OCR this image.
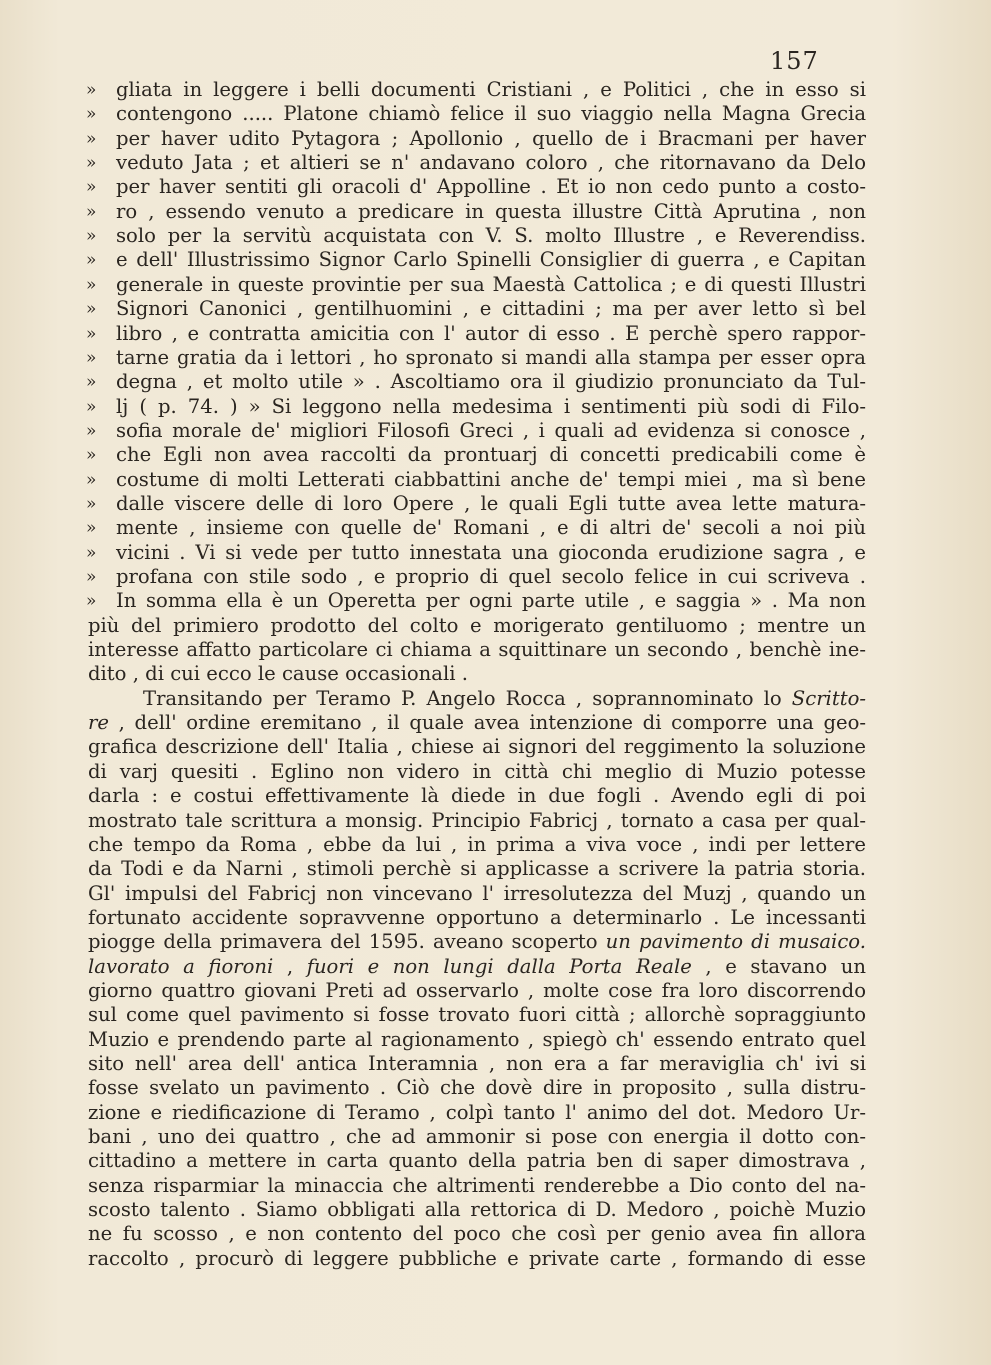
157
»	gliata in leggere i belli documenti Cristiani , e Politici , che in esso si
»	contengono ..... Platone chiamò felice il suo viaggio nella Magna Grecia
»	per haver udito Pytagora ; Apollonio , quello de i Bracmani per haver
»	veduto Jata ; et altieri se n' andavano coloro , che ritornavano da Delo
»	per haver sentiti gli oracoli d' Appolline . Et io non cedo punto a costo-
»	ro , essendo venuto a predicare in questa illustre Città Aprutina , non
»	solo per la servitù acquistata con V. S. molto Illustre , e Reverendiss.
»	e dell' Illustrissimo Signor Carlo Spinelli Consiglier di guerra , e Capitan
»	generale in queste provintie per sua Maestà Cattolica ; e di questi Illustri
»	Signori Canonici , gentilhuomini , e cittadini ; ma per aver letto sì bel
»	libro , e contratta amicitia con l' autor di esso . E perchè spero rappor-
»	tarne gratia da i lettori , ho spronato si mandi alla stampa per esser opra
»	degna , et molto utile » . Ascoltiamo ora il giudizio pronunciato da Tul-
»	lj ( p. 74. ) » Si leggono nella medesima i sentimenti più sodi di Filo-
»	sofia morale de' migliori Filosofi Greci , i quali ad evidenza si conosce ,
»	che Egli non avea raccolti da prontuarj di concetti predicabili come è
»	costume di molti Letterati ciabbattini anche de' tempi miei , ma sì bene
»	dalle viscere delle di loro Opere , le quali Egli tutte avea lette matura-
»	mente , insieme con quelle de' Romani , e di altri de' secoli a noi più
»	vicini . Vi si vede per tutto innestata una gioconda erudizione sagra , e
»	profana con stile sodo , e proprio di quel secolo felice in cui scriveva .
»	In somma ella è un Operetta per ogni parte utile , e saggia » . Ma non
più del primiero prodotto del colto e morigerato gentiluomo ; mentre un
interesse affatto particolare ci chiama a squittinare un secondo , benchè ine-
dito , di cui ecco le cause occasionali .
Transitando per Teramo P. Angelo Rocca , soprannominato lo Scritto-
re , dell' ordine eremitano , il quale avea intenzione di comporre una geo-
grafica descrizione dell' Italia , chiese ai signori del reggimento la soluzione
di varj quesiti . Eglino non videro in città chi meglio di Muzio potesse
darla : e costui effettivamente là diede in due fogli . Avendo egli di poi
mostrato tale scrittura a monsig. Principio Fabricj , tornato a casa per qual-
che tempo da Roma , ebbe da lui , in prima a viva voce , indi per lettere
da Todi e da Narni , stimoli perchè si applicasse a scrivere la patria storia.
Gl' impulsi del Fabricj non vincevano l' irresolutezza del Muzj , quando un
fortunato accidente sopravvenne opportuno a determinarlo . Le incessanti
piogge della primavera del 1595. aveano scoperto un pavimento di musaico.
lavorato a fioroni , fuori e non lungi dalla Porta Reale , e stavano un
giorno quattro giovani Preti ad osservarlo , molte cose fra loro discorrendo
sul come quel pavimento si fosse trovato fuori città ; allorchè sopraggiunto
Muzio e prendendo parte al ragionamento , spiegò ch' essendo entrato quel
sito nell' area dell' antica Interamnia , non era a far meraviglia ch' ivi si
fosse svelato un pavimento . Ciò che dovè dire in proposito , sulla distru-
zione e riedificazione di Teramo , colpì tanto l' animo del dot. Medoro Ur-
bani , uno dei quattro , che ad ammonir si pose con energia il dotto con-
cittadino a mettere in carta quanto della patria ben di saper dimostrava ,
senza risparmiar la minaccia che altrimenti renderebbe a Dio conto del na-
scosto talento . Siamo obbligati alla rettorica di D. Medoro , poichè Muzio
ne fu scosso , e non contento del poco che così per genio avea fin allora
raccolto , procurò di leggere pubbliche e private carte , formando di esse
